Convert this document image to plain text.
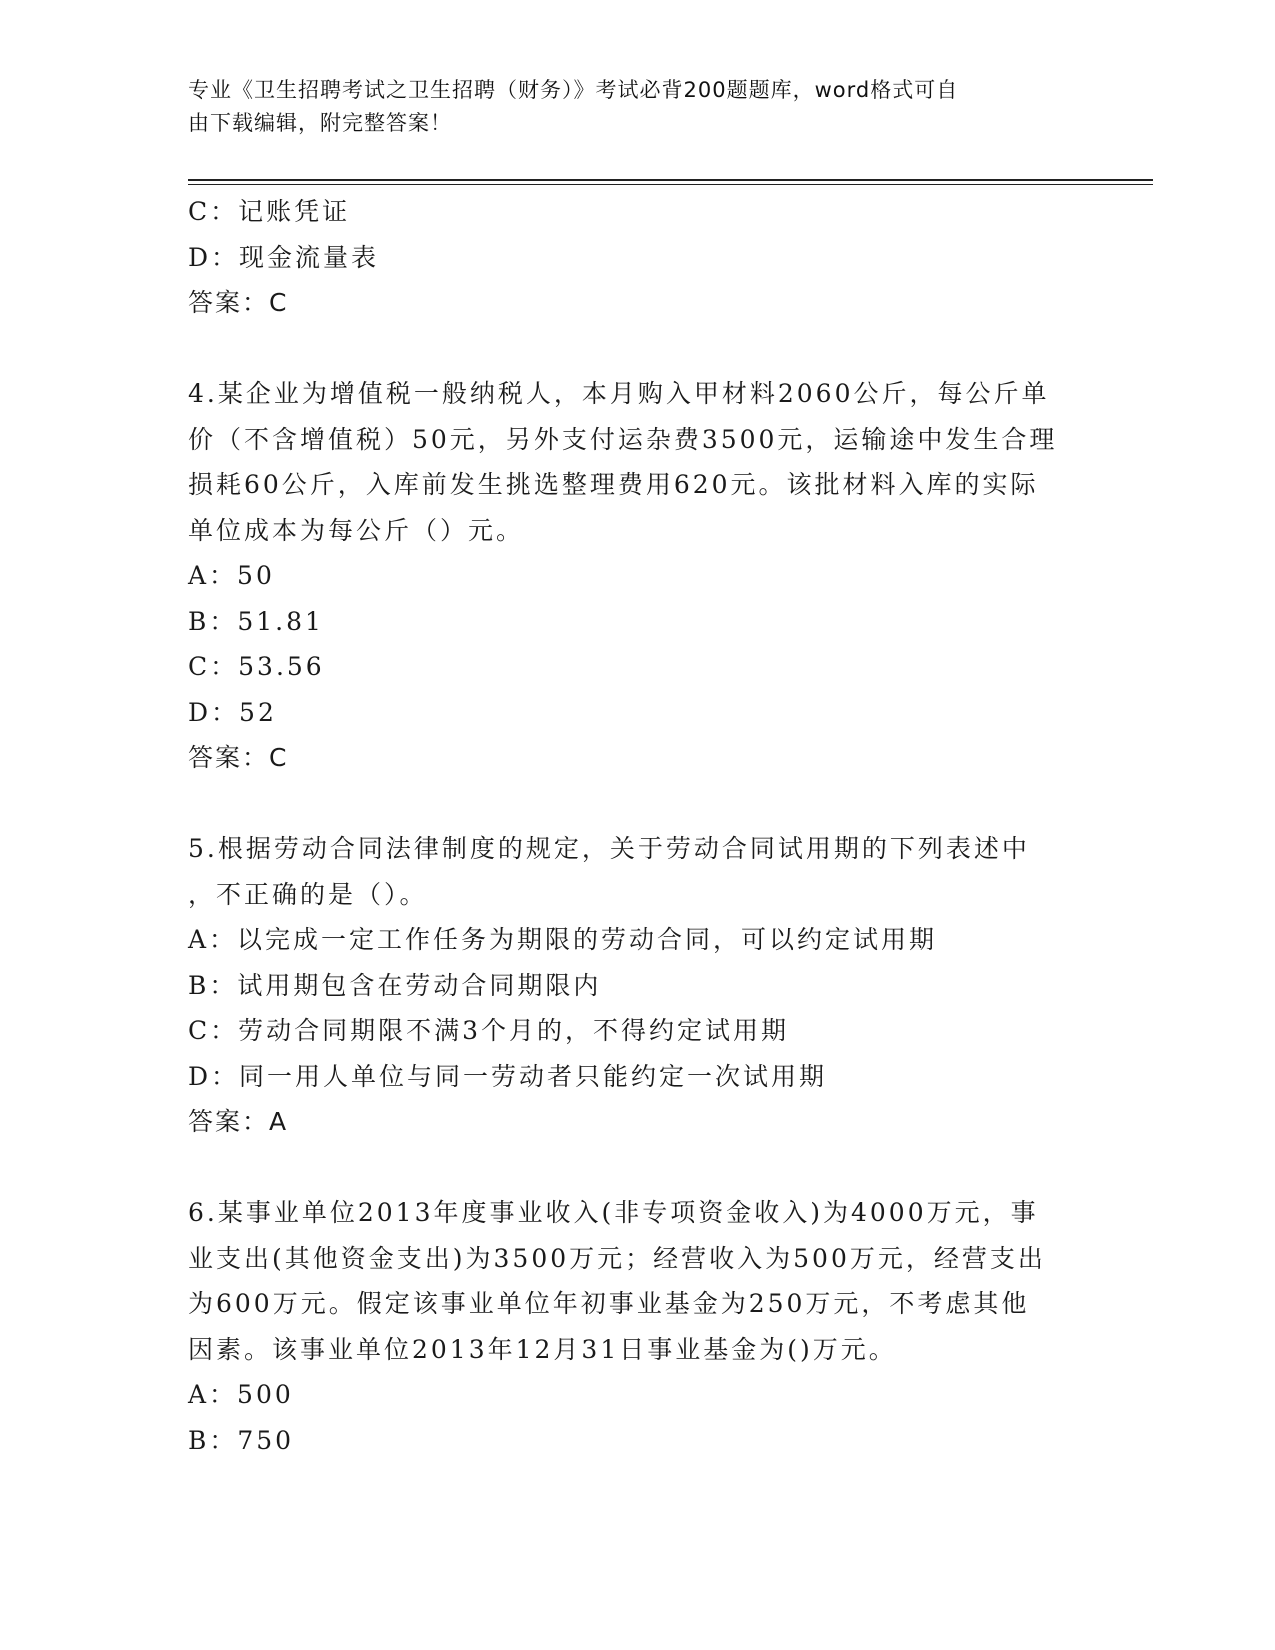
专业《卫生招聘考试之卫生招聘（财务）》考试必背200题题库，word格式可自
由下载编辑，附完整答案！
C：记账凭证
D：现金流量表
答案：C
4.某企业为增值税一般纳税人，本月购入甲材料2060公斤，每公斤单
价（不含增值税）50元，另外支付运杂费3500元，运输途中发生合理
损耗60公斤，入库前发生挑选整理费用620元。该批材料入库的实际
单位成本为每公斤（）元。
A：50
B：51.81
C：53.56
D：52
答案：C
5.根据劳动合同法律制度的规定，关于劳动合同试用期的下列表述中
，不正确的是（）。
A：以完成一定工作任务为期限的劳动合同，可以约定试用期
B：试用期包含在劳动合同期限内
C：劳动合同期限不满3个月的，不得约定试用期
D：同一用人单位与同一劳动者只能约定一次试用期
答案：A
6.某事业单位2013年度事业收入(非专项资金收入)为4000万元，事
业支出(其他资金支出)为3500万元；经营收入为500万元，经营支出
为600万元。假定该事业单位年初事业基金为250万元，不考虑其他
因素。该事业单位2013年12月31日事业基金为()万元。
A：500
B：750
